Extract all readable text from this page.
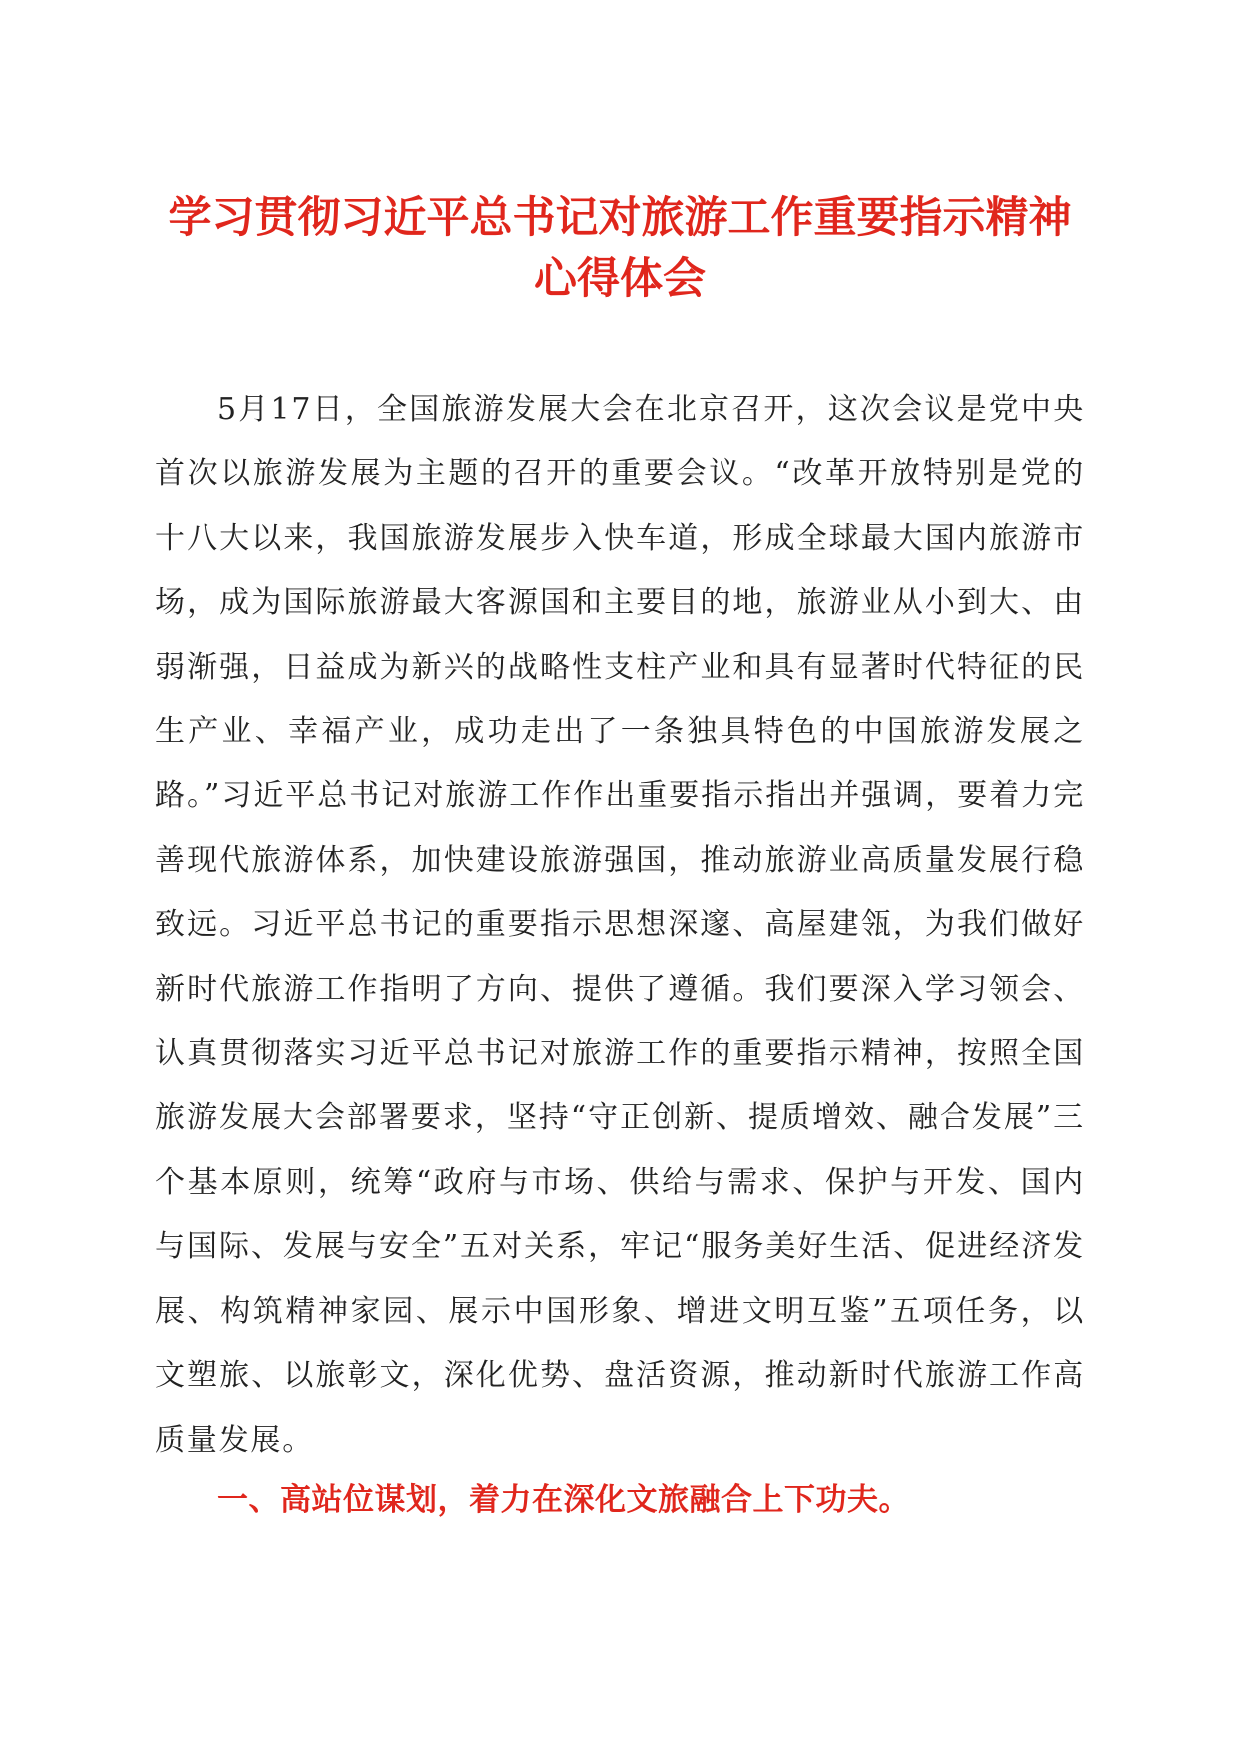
学习贯彻习近平总书记对旅游工作重要指示精神心得体会

5月17日，全国旅游发展大会在北京召开，这次会议是党中央首次以旅游发展为主题的召开的重要会议。“改革开放特别是党的十八大以来，我国旅游发展步入快车道，形成全球最大国内旅游市场，成为国际旅游最大客源国和主要目的地，旅游业从小到大、由弱渐强，日益成为新兴的战略性支柱产业和具有显著时代特征的民生产业、幸福产业，成功走出了一条独具特色的中国旅游发展之路。”习近平总书记对旅游工作作出重要指示指出并强调，要着力完善现代旅游体系，加快建设旅游强国，推动旅游业高质量发展行稳致远。习近平总书记的重要指示思想深邃、高屋建瓴，为我们做好新时代旅游工作指明了方向、提供了遵循。我们要深入学习领会、认真贯彻落实习近平总书记对旅游工作的重要指示精神，按照全国旅游发展大会部署要求，坚持“守正创新、提质增效、融合发展”三个基本原则，统筹“政府与市场、供给与需求、保护与开发、国内与国际、发展与安全”五对关系，牢记“服务美好生活、促进经济发展、构筑精神家园、展示中国形象、增进文明互鉴”五项任务，以文塑旅、以旅彰文，深化优势、盘活资源，推动新时代旅游工作高质量发展。

一、高站位谋划，着力在深化文旅融合上下功夫。
